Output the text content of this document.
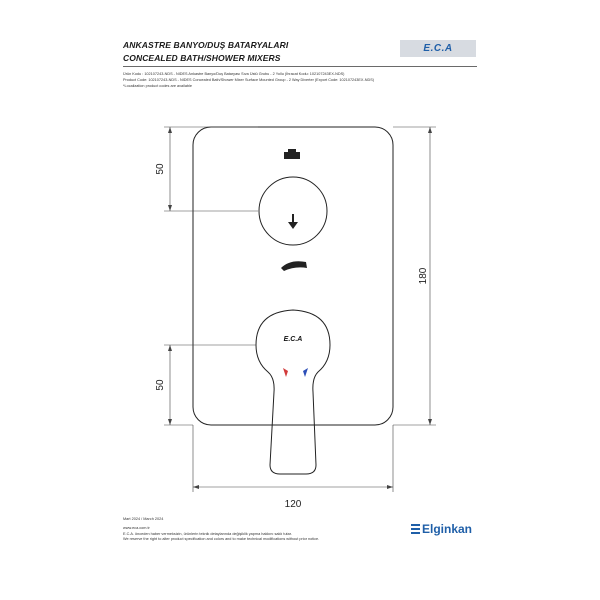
ANKASTRE BANYO/DUŞ BATARYALARI
CONCEALED BATH/SHOWER MIXERS
E.C.A
Ürün Kodu : 102107243-NDS - NIDES Ankastre Banyo/Duş Bataryası Sıva Üstü Grubu - 2 Yollu (İhracat Kodu: 102107243EX-NDS)
Product Code: 102107243-NDS - NIDES Concealed Bath/Shower Mixer Surface Mounted Group - 2 Way Diverter (Export Code: 102107243EX-NDS)
*Localization product codes are available
E.C.A
50
50
180
120
Mart 2024 / March 2024
www.eca.com.tr
E.C.A. önceden haber vermeksizin, ürünlerin teknik detaylarında değişiklik yapma hakkını saklı tutar.
We reserve the right to alter product specification and colors and to make technical modifications without prior notice.
Elginkan
